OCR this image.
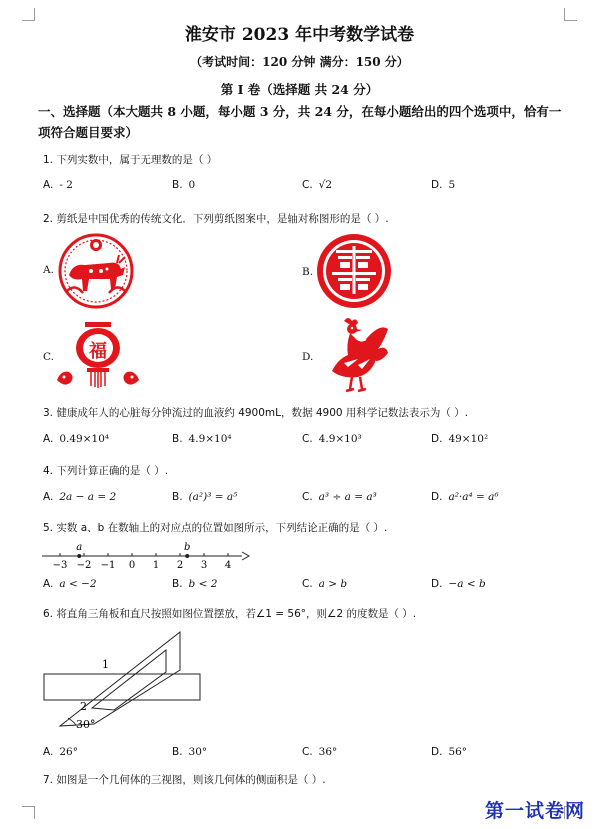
淮安市 2023 年中考数学试卷
（考试时间：120 分钟 满分：150 分）
第 I 卷（选择题 共 24 分）
一、选择题（本大题共 8 小题，每小题 3 分，共 24 分，在每小题给出的四个选项中，恰有一项符合题目要求）
1. 下列实数中，属于无理数的是（ ）
A. - 2	B. 0	C. √2	D. 5
2. 剪纸是中国优秀的传统文化．下列剪纸图案中，是轴对称图形的是（ ）.
A.	B.
C. 福	D.
3. 健康成年人的心脏每分钟流过的血液约 4900mL，数据 4900 用科学记数法表示为（ ）.
A. 0.49×10⁴	B. 4.9×10⁴	C. 4.9×10³	D. 49×10²
4. 下列计算正确的是（ ）.
A. 2a − a = 2	B. (a²)³ = a⁵	C. a³ ÷ a = a³	D. a²·a⁴ = a⁶
5. 实数 a、b 在数轴上的对应点的位置如图所示，下列结论正确的是（ ）.
−3 −2 −1 0 1 2 3 4
a	b
A. a < −2	B. b < 2	C. a > b	D. −a < b
6. 将直角三角板和直尺按照如图位置摆放，若∠1 = 56°，则∠2 的度数是（ ）.
1
2
30°
A. 26°	B. 30°	C. 36°	D. 56°
7. 如图是一个几何体的三视图，则该几何体的侧面积是（ ）.
第一试卷网
